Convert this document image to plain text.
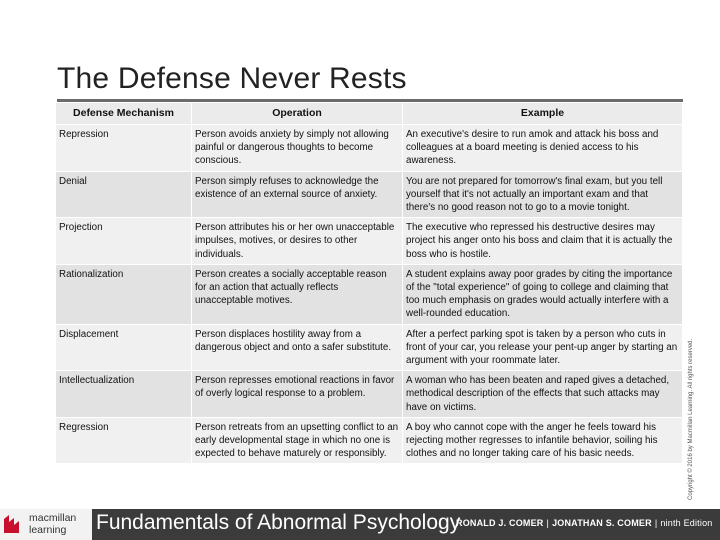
The Defense Never Rests
Defense Mechanism	Operation	Example
Repression	Person avoids anxiety by simply not allowing painful or dangerous thoughts to become conscious.	An executive's desire to run amok and attack his boss and colleagues at a board meeting is denied access to his awareness.
Denial	Person simply refuses to acknowledge the existence of an external source of anxiety.	You are not prepared for tomorrow's final exam, but you tell yourself that it's not actually an important exam and that there's no good reason not to go to a movie tonight.
Projection	Person attributes his or her own unacceptable impulses, motives, or desires to other individuals.	The executive who repressed his destructive desires may project his anger onto his boss and claim that it is actually the boss who is hostile.
Rationalization	Person creates a socially acceptable reason for an action that actually reflects unacceptable motives.	A student explains away poor grades by citing the importance of the "total experience" of going to college and claiming that too much emphasis on grades would actually interfere with a well-rounded education.
Displacement	Person displaces hostility away from a dangerous object and onto a safer substitute.	After a perfect parking spot is taken by a person who cuts in front of your car, you release your pent-up anger by starting an argument with your roommate later.
Intellectualization	Person represses emotional reactions in favor of overly logical response to a problem.	A woman who has been beaten and raped gives a detached, methodical description of the effects that such attacks may have on victims.
Regression	Person retreats from an upsetting conflict to an early developmental stage in which no one is expected to behave maturely or responsibly.	A boy who cannot cope with the anger he feels toward his rejecting mother regresses to infantile behavior, soiling his clothes and no longer taking care of his basic needs.	Copyright © 2016 by Macmillan Learning. All rights reserved.
macmillan
learning	Fundamentals of Abnormal Psychology
RONALD J. COMER | JONATHAN S. COMER | ninth Edition
